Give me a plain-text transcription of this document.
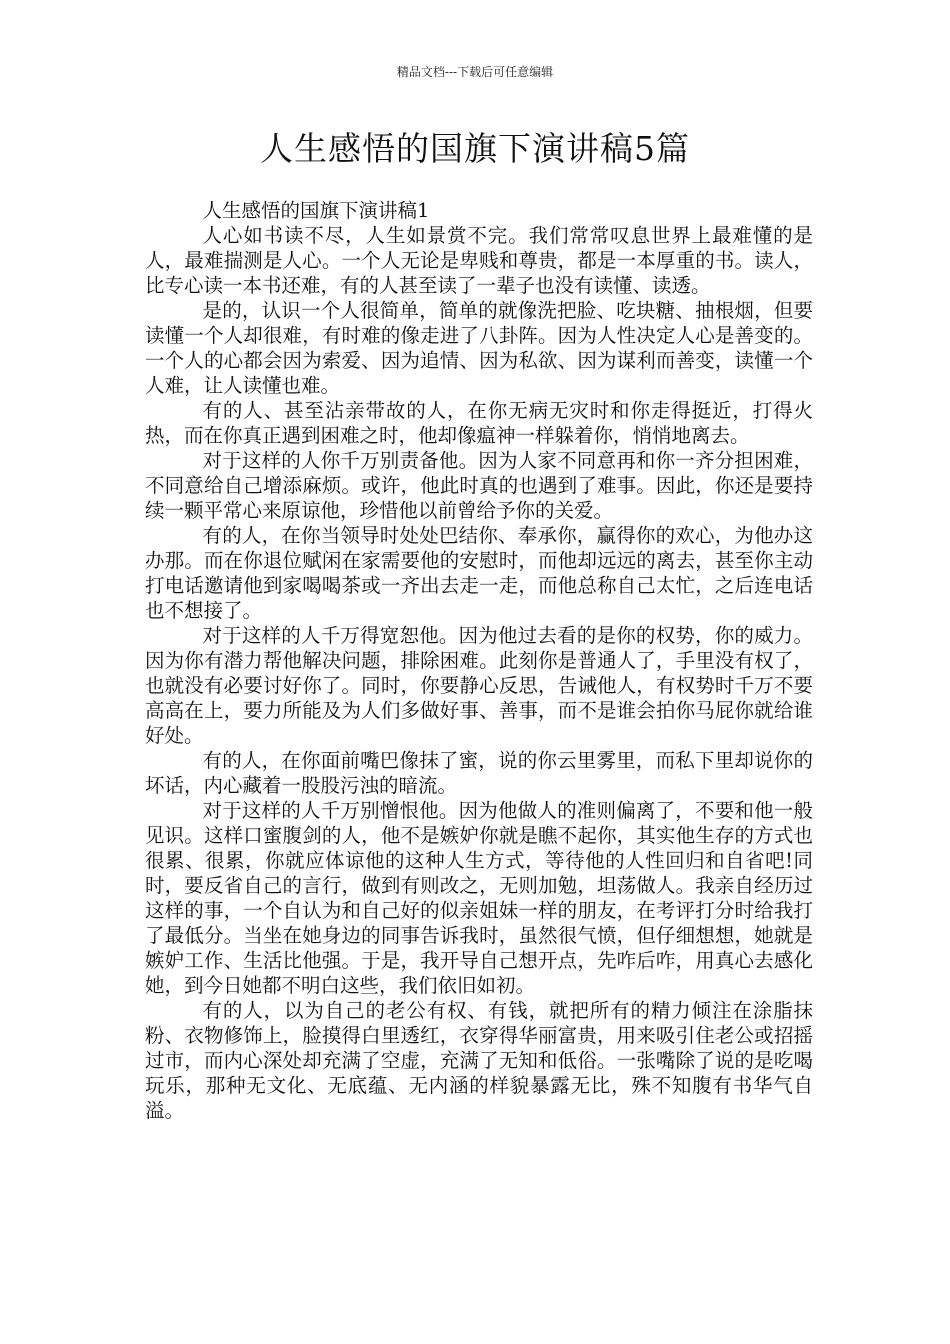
精品文档---下载后可任意编辑
人生感悟的国旗下演讲稿5篇

人生感悟的国旗下演讲稿1

人心如书读不尽，人生如景赏不完。我们常常叹息世界上最难懂的是人，最难揣测是人心。一个人无论是卑贱和尊贵，都是一本厚重的书。读人，比专心读一本书还难，有的人甚至读了一辈子也没有读懂、读透。

是的，认识一个人很简单，简单的就像洗把脸、吃块糖、抽根烟，但要读懂一个人却很难，有时难的像走进了八卦阵。因为人性决定人心是善变的。一个人的心都会因为索爱、因为追情、因为私欲、因为谋利而善变，读懂一个人难，让人读懂也难。

有的人、甚至沾亲带故的人，在你无病无灾时和你走得挺近，打得火热，而在你真正遇到困难之时，他却像瘟神一样躲着你，悄悄地离去。

对于这样的人你千万别责备他。因为人家不同意再和你一齐分担困难，不同意给自己增添麻烦。或许，他此时真的也遇到了难事。因此，你还是要持续一颗平常心来原谅他，珍惜他以前曾给予你的关爱。

有的人，在你当领导时处处巴结你、奉承你，赢得你的欢心，为他办这办那。而在你退位赋闲在家需要他的安慰时，而他却远远的离去，甚至你主动打电话邀请他到家喝喝茶或一齐出去走一走，而他总称自己太忙，之后连电话也不想接了。

对于这样的人千万得宽恕他。因为他过去看的是你的权势，你的威力。因为你有潜力帮他解决问题，排除困难。此刻你是普通人了，手里没有权了，也就没有必要讨好你了。同时，你要静心反思，告诫他人，有权势时千万不要高高在上，要力所能及为人们多做好事、善事，而不是谁会拍你马屁你就给谁好处。

有的人，在你面前嘴巴像抹了蜜，说的你云里雾里，而私下里却说你的坏话，内心藏着一股股污浊的暗流。

对于这样的人千万别憎恨他。因为他做人的准则偏离了，不要和他一般见识。这样口蜜腹剑的人，他不是嫉妒你就是瞧不起你，其实他生存的方式也很累、很累，你就应体谅他的这种人生方式，等待他的人性回归和自省吧!同时，要反省自己的言行，做到有则改之，无则加勉，坦荡做人。我亲自经历过这样的事，一个自认为和自己好的似亲姐妹一样的朋友，在考评打分时给我打了最低分。当坐在她身边的同事告诉我时，虽然很气愤，但仔细想想，她就是嫉妒工作、生活比他强。于是，我开导自己想开点，先咋后咋，用真心去感化她，到今日她都不明白这些，我们依旧如初。

有的人，以为自己的老公有权、有钱，就把所有的精力倾注在涂脂抹粉、衣物修饰上，脸摸得白里透红，衣穿得华丽富贵，用来吸引住老公或招摇过市，而内心深处却充满了空虚，充满了无知和低俗。一张嘴除了说的是吃喝玩乐，那种无文化、无底蕴、无内涵的样貌暴露无比，殊不知腹有书华气自溢。
